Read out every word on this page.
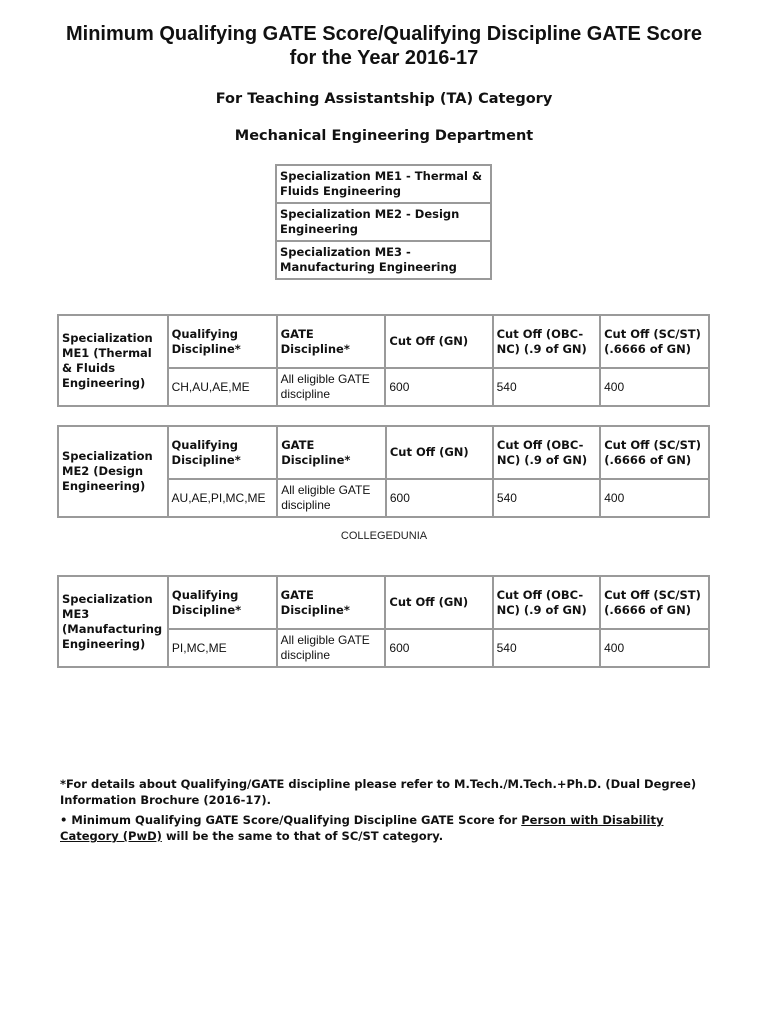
Minimum Qualifying GATE Score/Qualifying Discipline GATE Score
for the Year 2016-17
For Teaching Assistantship (TA) Category
Mechanical Engineering Department
Specialization ME1 - Thermal & Fluids Engineering
Specialization ME2 - Design Engineering
Specialization ME3 - Manufacturing Engineering
Specialization ME1 (Thermal & Fluids Engineering)	Qualifying Discipline*	GATE Discipline*	Cut Off (GN)	Cut Off (OBC-NC) (.9 of GN)	Cut Off (SC/ST) (.6666 of GN)
	CH,AU,AE,ME	All eligible GATE discipline	600	540	400
Specialization ME2 (Design Engineering)	Qualifying Discipline*	GATE Discipline*	Cut Off (GN)	Cut Off (OBC-NC) (.9 of GN)	Cut Off (SC/ST) (.6666 of GN)
	AU,AE,PI,MC,ME	All eligible GATE discipline	600	540	400
COLLEGEDUNIA
Specialization ME3 (Manufacturing Engineering)	Qualifying Discipline*	GATE Discipline*	Cut Off (GN)	Cut Off (OBC-NC) (.9 of GN)	Cut Off (SC/ST) (.6666 of GN)
	PI,MC,ME	All eligible GATE discipline	600	540	400
*For details about Qualifying/GATE discipline please refer to M.Tech./M.Tech.+Ph.D. (Dual Degree) Information Brochure (2016-17).
• Minimum Qualifying GATE Score/Qualifying Discipline GATE Score for Person with Disability Category (PwD) will be the same to that of SC/ST category.
